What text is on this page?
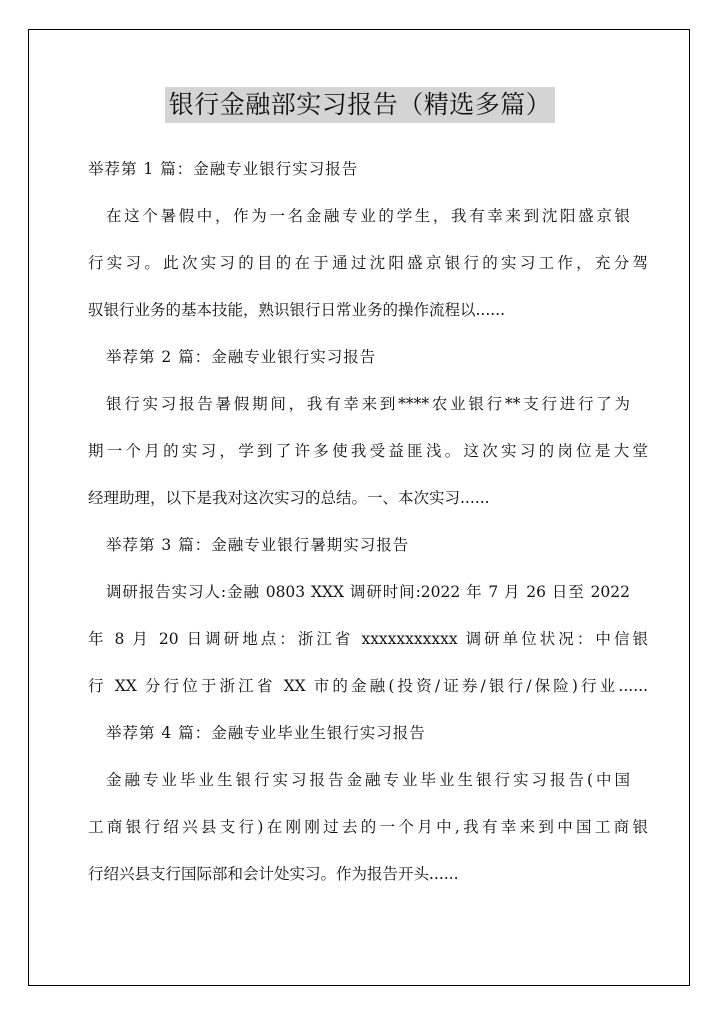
银行金融部实习报告（精选多篇）
举荐第 1 篇：金融专业银行实习报告
在这个暑假中，作为一名金融专业的学生，我有幸来到沈阳盛京银
行实习。此次实习的目的在于通过沈阳盛京银行的实习工作，充分驾
驭银行业务的基本技能，熟识银行日常业务的操作流程以......
举荐第 2 篇：金融专业银行实习报告
银行实习报告暑假期间，我有幸来到****农业银行**支行进行了为
期一个月的实习，学到了许多使我受益匪浅。这次实习的岗位是大堂
经理助理，以下是我对这次实习的总结。一、本次实习......
举荐第 3 篇：金融专业银行暑期实习报告
调研报告实习人:金融 0803 XXX 调研时间:2022 年 7 月 26 日至 2022
年 8 月 20 日调研地点：浙江省 xxxxxxxxxxx 调研单位状况：中信银
行 XX 分行位于浙江省 XX 市的金融(投资/证券/银行/保险)行业......
举荐第 4 篇：金融专业毕业生银行实习报告
金融专业毕业生银行实习报告金融专业毕业生银行实习报告(中国
工商银行绍兴县支行)在刚刚过去的一个月中,我有幸来到中国工商银
行绍兴县支行国际部和会计处实习。作为报告开头......
